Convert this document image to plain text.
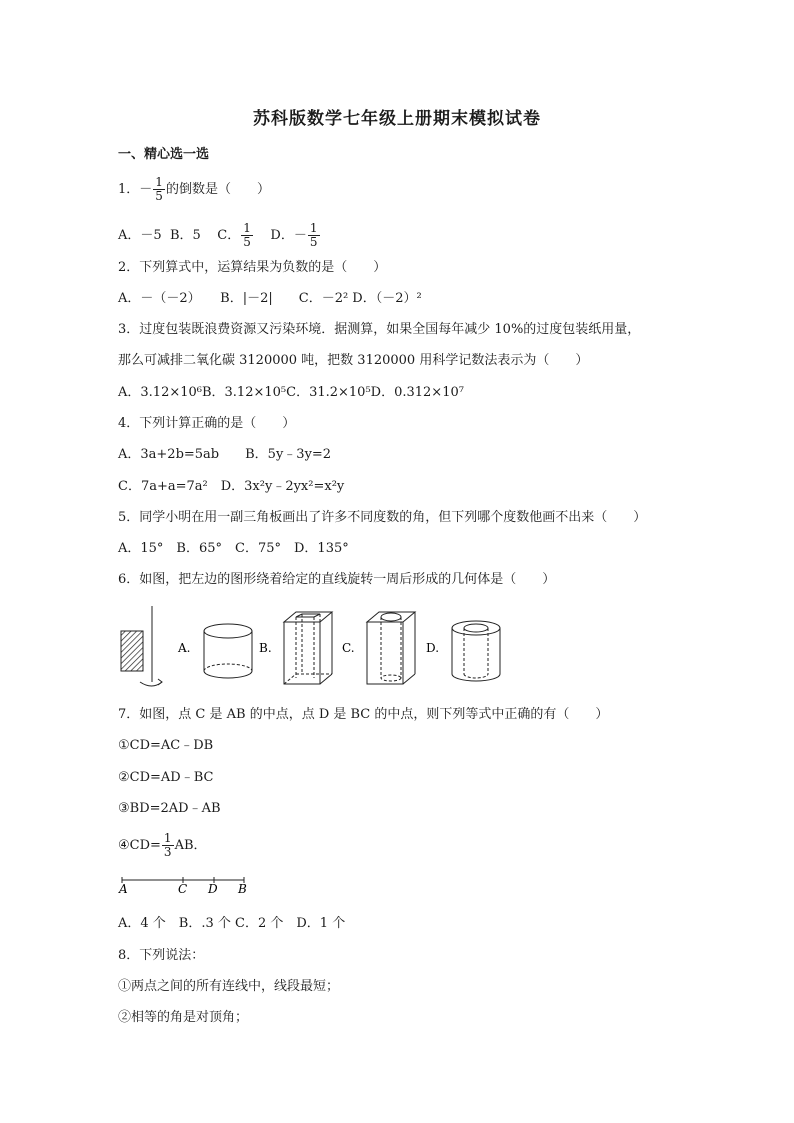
苏科版数学七年级上册期末模拟试卷
一、精心选一选
1．－ $\frac{1}{5}$ 的倒数是（　　）
A．－5 B．5 C． $\frac{1}{5}$ D．－ $\frac{1}{5}$
2．下列算式中，运算结果为负数的是（　　）
A．－（－2）　　B．|－2|　　C．－2² D．（－2）²
3．过度包装既浪费资源又污染环境．据测算，如果全国每年减少 10%的过度包装纸用量，
那么可减排二氧化碳 3120000 吨，把数 3120000 用科学记数法表示为（　　）
A．3.12×10⁶B．3.12×10⁵C．31.2×10⁵D．0.312×10⁷
4．下列计算正确的是（　　）
A．3a+2b=5ab　　B．5y﹣3y=2
C．7a+a=7a²　D．3x²y﹣2yx²=x²y
5．同学小明在用一副三角板画出了许多不同度数的角，但下列哪个度数他画不出来（　　）
A．15°　B．65°　C．75°　D．135°
6．如图，把左边的图形绕着给定的直线旋转一周后形成的几何体是（　　）
A.	B.	C.	D.
7．如图，点 C 是 AB 的中点，点 D 是 BC 的中点，则下列等式中正确的有（　　）
①CD=AC﹣DB
②CD=AD﹣BC
③BD=2AD﹣AB
④CD= $\frac{1}{3}$ AB．
A	C D B
A．4 个　B．.3 个 C．2 个　D．1 个
8．下列说法：
①两点之间的所有连线中，线段最短；
②相等的角是对顶角；
